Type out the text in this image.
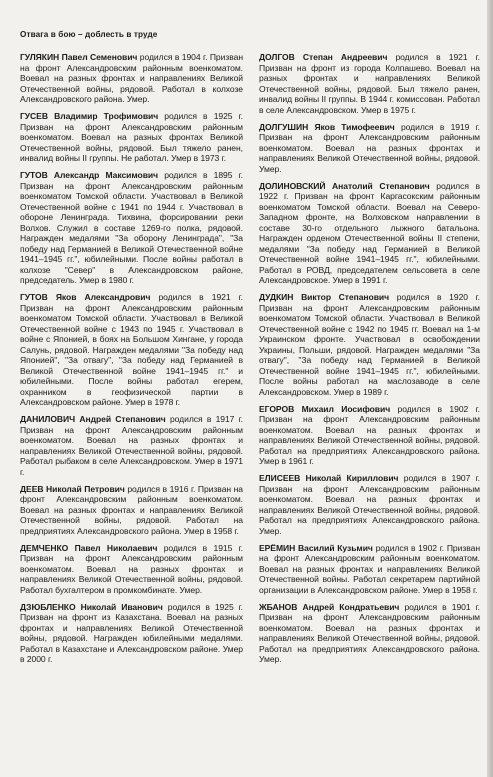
Отвага в бою – доблесть в труде

ГУЛЯКИН Павел Семенович родился в 1904 г. Призван на фронт Александровским районным военкоматом. Воевал на разных фронтах и направлениях Великой Отечественной войны, рядовой. Работал в колхозе Александровского района. Умер.

ГУСЕВ Владимир Трофимович родился в 1925 г. Призван на фронт Александровским районным военкоматом. Воевал на разных фронтах Великой Отечественной войны, рядовой. Был тяжело ранен, инвалид войны II группы. Не работал. Умер в 1973 г.

ГУТОВ Александр Максимович родился в 1895 г. Призван на фронт Александровским районным военкоматом Томской области. Участвовал в Великой Отечественной войне с 1941 по 1944 г. Участвовал в обороне Ленинграда. Тихвина, форсировании реки Волхов. Служил в составе 1269-го полка, рядовой. Награжден медалями "За оборону Ленинграда", "За победу над Германией в Великой Отечественной войне 1941–1945 гг.", юбилейными. После войны работал в колхозе "Север" в Александровском районе, председатель. Умер в 1980 г.

ГУТОВ Яков Александрович родился в 1921 г. Призван на фронт Александровским районным военкоматом Томской области. Участвовал в Великой Отечественной войне с 1943 по 1945 г. Участвовал в войне с Японией, в боях на Большом Хингане, у города Салунь, рядовой. Награжден медалями "За победу над Японией", "За отвагу", "За победу над Германией в Великой Отечественной войне 1941–1945 гг." и юбилейными. После войны работал егерем, охранником в геофизической партии в Александровском районе. Умер в 1978 г.

ДАНИЛОВИЧ Андрей Степанович родился в 1917 г. Призван на фронт Александровским районным военкоматом. Воевал на разных фронтах и направлениях Великой Отечественной войны, рядовой. Работал рыбаком в селе Александровском. Умер в 1971 г.

ДЕЕВ Николай Петрович родился в 1916 г. Призван на фронт Александровским районным военкоматом. Воевал на разных фронтах и направлениях Великой Отечественной войны, рядовой. Работал на предприятиях Александровского района. Умер в 1958 г.

ДЕМЧЕНКО Павел Николаевич родился в 1915 г. Призван на фронт Александровским районным военкоматом. Воевал на разных фронтах и направлениях Великой Отечественной войны, рядовой. Работал бухгалтером в промкомбинате. Умер.

ДЗЮБЛЕНКО Николай Иванович родился в 1925 г. Призван на фронт из Казахстана. Воевал на разных фронтах и направлениях Великой Отечественной войны, рядовой. Награжден юбилейными медалями. Работал в Казахстане и Александровском районе. Умер в 2000 г.

ДОЛГОВ Степан Андреевич родился в 1921 г. Призван на фронт из города Колпашево. Воевал на разных фронтах и направлениях Великой Отечественной войны, рядовой. Был тяжело ранен, инвалид войны II группы. В 1944 г. комиссован. Работал в селе Александровском. Умер в 1975 г.

ДОЛГУШИН Яков Тимофеевич родился в 1919 г. Призван на фронт Александровским районным военкоматом. Воевал на разных фронтах и направлениях Великой Отечественной войны, рядовой. Умер.

ДОЛИНОВСКИЙ Анатолий Степанович родился в 1922 г. Призван на фронт Каргасокским районным военкоматом Томской области. Воевал на Северо-Западном фронте, на Волховском направлении в составе 30-го отдельного лыжного батальона. Награжден орденом Отечественной войны II степени, медалями "За победу над Германией в Великой Отечественной войне 1941–1945 гг.", юбилейными. Работал в РОВД, председателем сельсовета в селе Александровское. Умер в 1991 г.

ДУДКИН Виктор Степанович родился в 1920 г. Призван на фронт Александровским районным военкоматом Томской области. Участвовал в Великой Отечественной войне с 1942 по 1945 гг. Воевал на 1-м Украинском фронте. Участвовал в освобождении Украины, Польши, рядовой. Награжден медалями "За отвагу", "За победу над Германией в Великой Отечественной войне 1941–1945 гг.", юбилейными. После войны работал на маслозаводе в селе Александровском. Умер в 1989 г.

ЕГОРОВ Михаил Иосифович родился в 1902 г. Призван на фронт Александровским районным военкоматом. Воевал на разных фронтах и направлениях Великой Отечественной войны, рядовой. Работал на предприятиях Александровского района. Умер в 1961 г.

ЕЛИСЕЕВ Николай Кириллович родился в 1907 г. Призван на фронт Александровским районным военкоматом. Воевал на разных фронтах и направлениях Великой Отечественной войны, рядовой. Работал на предприятиях Александровского района. Умер.

ЕРЁМИН Василий Кузьмич родился в 1902 г. Призван на фронт Александровским районным военкоматом. Воевал на разных фронтах и направлениях Великой Отечественной войны. Работал секретарем партийной организации в Александровском районе. Умер в 1958 г.

ЖБАНОВ Андрей Кондратьевич родился в 1901 г. Призван на фронт Александровским районным военкоматом. Воевал на разных фронтах и направлениях Великой Отечественной войны, рядовой. Работал на предприятиях Александровского района. Умер.
